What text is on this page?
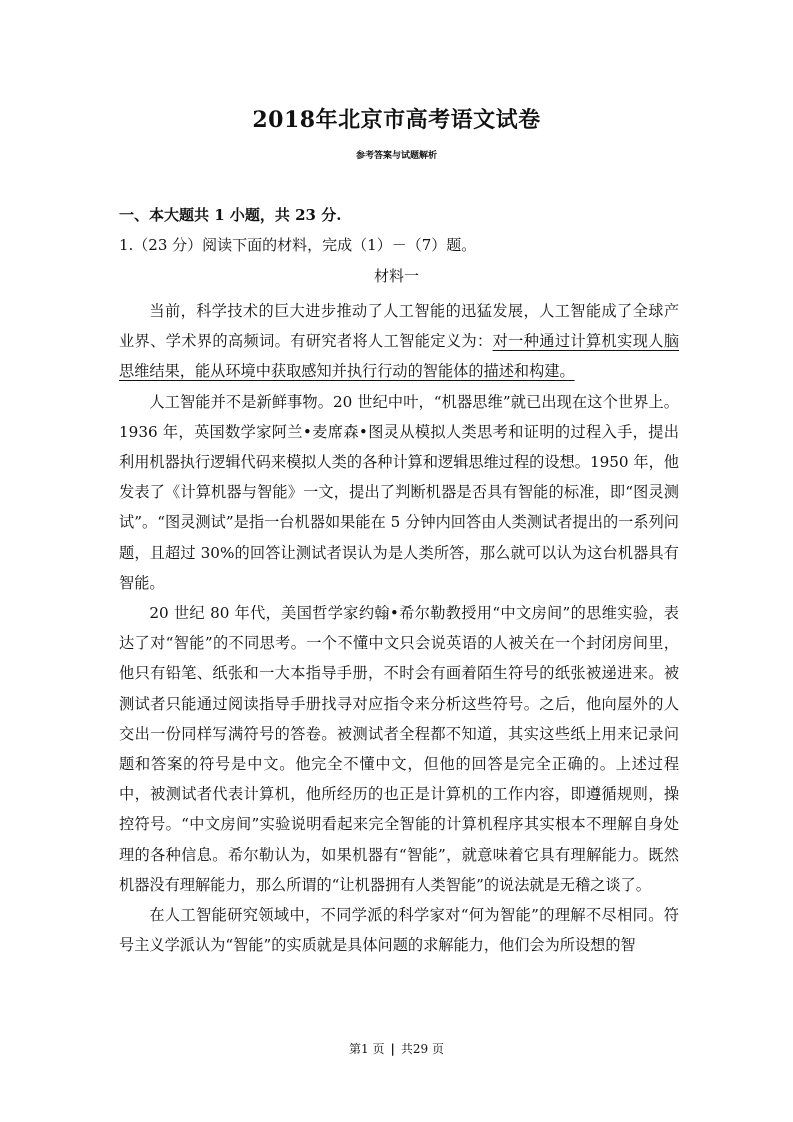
2018年北京市高考语文试卷
参考答案与试题解析
一、本大题共 1 小题，共 23 分.
1.（23 分）阅读下面的材料，完成（1）－（7）题。
材料一

当前，科学技术的巨大进步推动了人工智能的迅猛发展，人工智能成了全球产业界、学术界的高频词。有研究者将人工智能定义为：对一种通过计算机实现人脑思维结果，能从环境中获取感知并执行行动的智能体的描述和构建。

人工智能并不是新鲜事物。20 世纪中叶，“机器思维”就已出现在这个世界上。1936 年，英国数学家阿兰•麦席森•图灵从模拟人类思考和证明的过程入手，提出利用机器执行逻辑代码来模拟人类的各种计算和逻辑思维过程的设想。1950 年，他发表了《计算机器与智能》一文，提出了判断机器是否具有智能的标准，即“图灵测试”。“图灵测试”是指一台机器如果能在 5 分钟内回答由人类测试者提出的一系列问题，且超过 30%的回答让测试者误认为是人类所答，那么就可以认为这台机器具有智能。

20 世纪 80 年代，美国哲学家约翰•希尔勒教授用“中文房间”的思维实验，表达了对“智能”的不同思考。一个不懂中文只会说英语的人被关在一个封闭房间里，他只有铅笔、纸张和一大本指导手册，不时会有画着陌生符号的纸张被递进来。被测试者只能通过阅读指导手册找寻对应指令来分析这些符号。之后，他向屋外的人交出一份同样写满符号的答卷。被测试者全程都不知道，其实这些纸上用来记录问题和答案的符号是中文。他完全不懂中文，但他的回答是完全正确的。上述过程中，被测试者代表计算机，他所经历的也正是计算机的工作内容，即遵循规则，操控符号。“中文房间”实验说明看起来完全智能的计算机程序其实根本不理解自身处理的各种信息。希尔勒认为，如果机器有“智能”，就意味着它具有理解能力。既然机器没有理解能力，那么所谓的“让机器拥有人类智能”的说法就是无稽之谈了。

在人工智能研究领域中，不同学派的科学家对“何为智能”的理解不尽相同。符号主义学派认为“智能”的实质就是具体问题的求解能力，他们会为所设想的智

第1 页 | 共29 页
